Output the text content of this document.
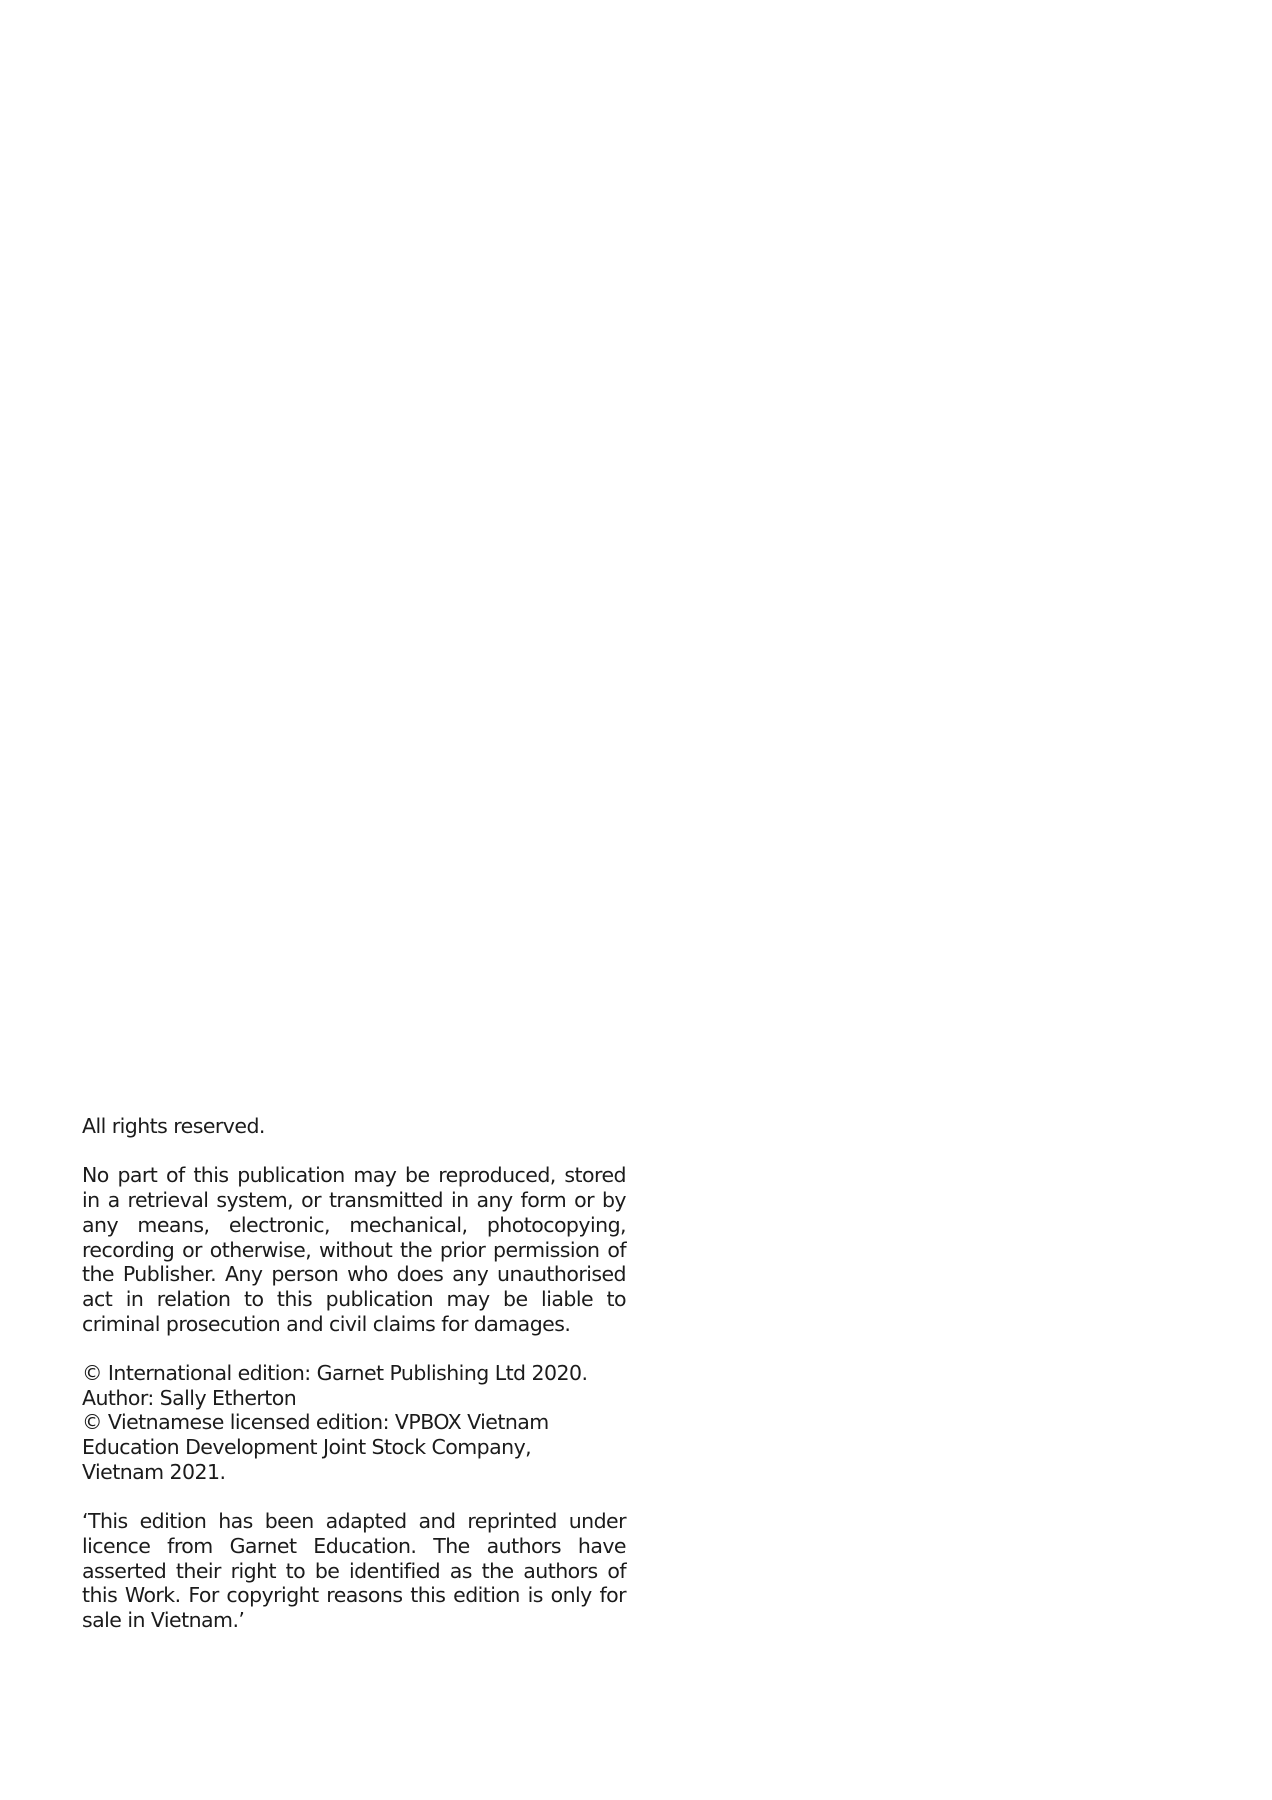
All rights reserved.

No part of this publication may be reproduced, stored in a retrieval system, or transmitted in any form or by any means, electronic, mechanical, photocopying, recording or otherwise, without the prior permission of the Publisher. Any person who does any unauthorised act in relation to this publication may be liable to criminal prosecution and civil claims for damages.

© International edition: Garnet Publishing Ltd 2020.
Author: Sally Etherton
© Vietnamese licensed edition: VPBOX Vietnam Education Development Joint Stock Company,
Vietnam 2021.

‘This edition has been adapted and reprinted under licence from Garnet Education. The authors have asserted their right to be identified as the authors of this Work. For copyright reasons this edition is only for sale in Vietnam.’
